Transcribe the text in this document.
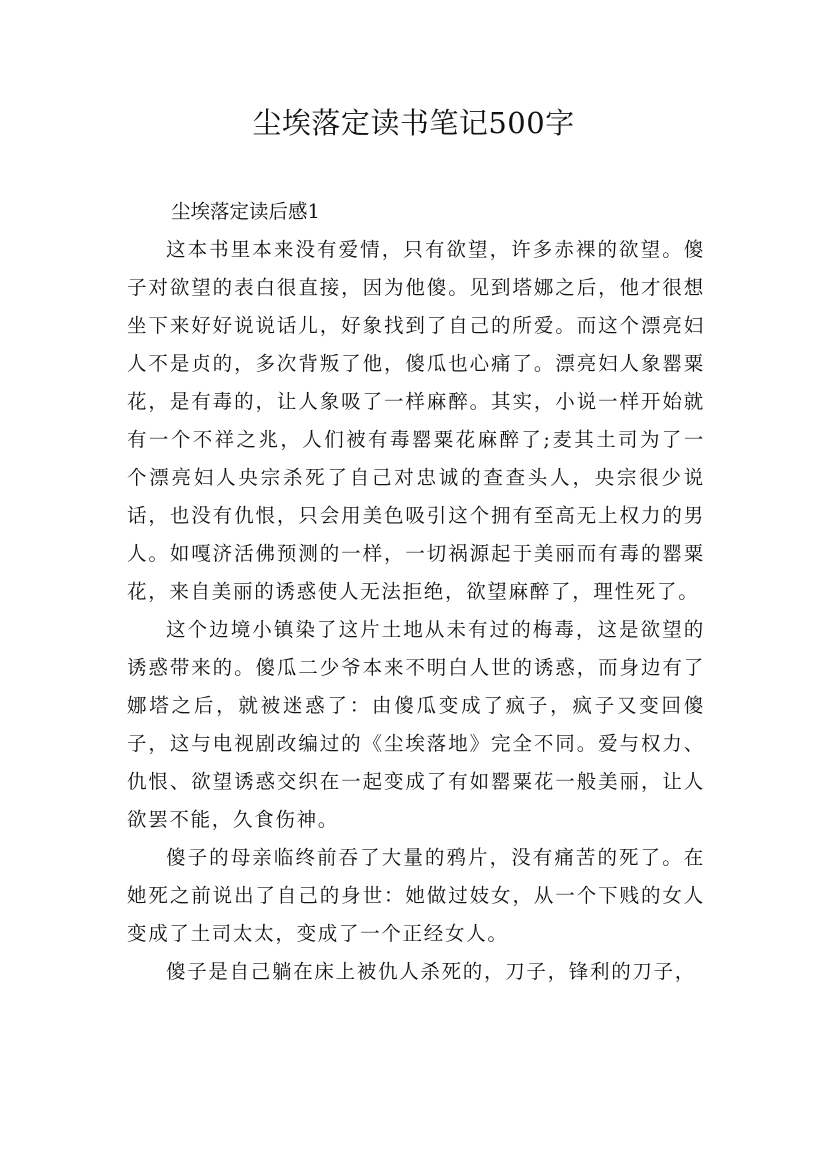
尘埃落定读书笔记500字

尘埃落定读后感1

这本书里本来没有爱情，只有欲望，许多赤裸的欲望。傻子对欲望的表白很直接，因为他傻。见到塔娜之后，他才很想坐下来好好说说话儿，好象找到了自己的所爱。而这个漂亮妇人不是贞的，多次背叛了他，傻瓜也心痛了。漂亮妇人象罂粟花，是有毒的，让人象吸了一样麻醉。其实，小说一样开始就有一个不祥之兆，人们被有毒罂粟花麻醉了;麦其土司为了一个漂亮妇人央宗杀死了自己对忠诚的查查头人，央宗很少说话，也没有仇恨，只会用美色吸引这个拥有至高无上权力的男人。如嘎济活佛预测的一样，一切祸源起于美丽而有毒的罂粟花，来自美丽的诱惑使人无法拒绝，欲望麻醉了，理性死了。

这个边境小镇染了这片土地从未有过的梅毒，这是欲望的诱惑带来的。傻瓜二少爷本来不明白人世的诱惑，而身边有了娜塔之后，就被迷惑了：由傻瓜变成了疯子，疯子又变回傻子，这与电视剧改编过的《尘埃落地》完全不同。爱与权力、仇恨、欲望诱惑交织在一起变成了有如罂粟花一般美丽，让人欲罢不能，久食伤神。

傻子的母亲临终前吞了大量的鸦片，没有痛苦的死了。在她死之前说出了自己的身世：她做过妓女，从一个下贱的女人变成了土司太太，变成了一个正经女人。

傻子是自己躺在床上被仇人杀死的，刀子，锋利的刀子，
